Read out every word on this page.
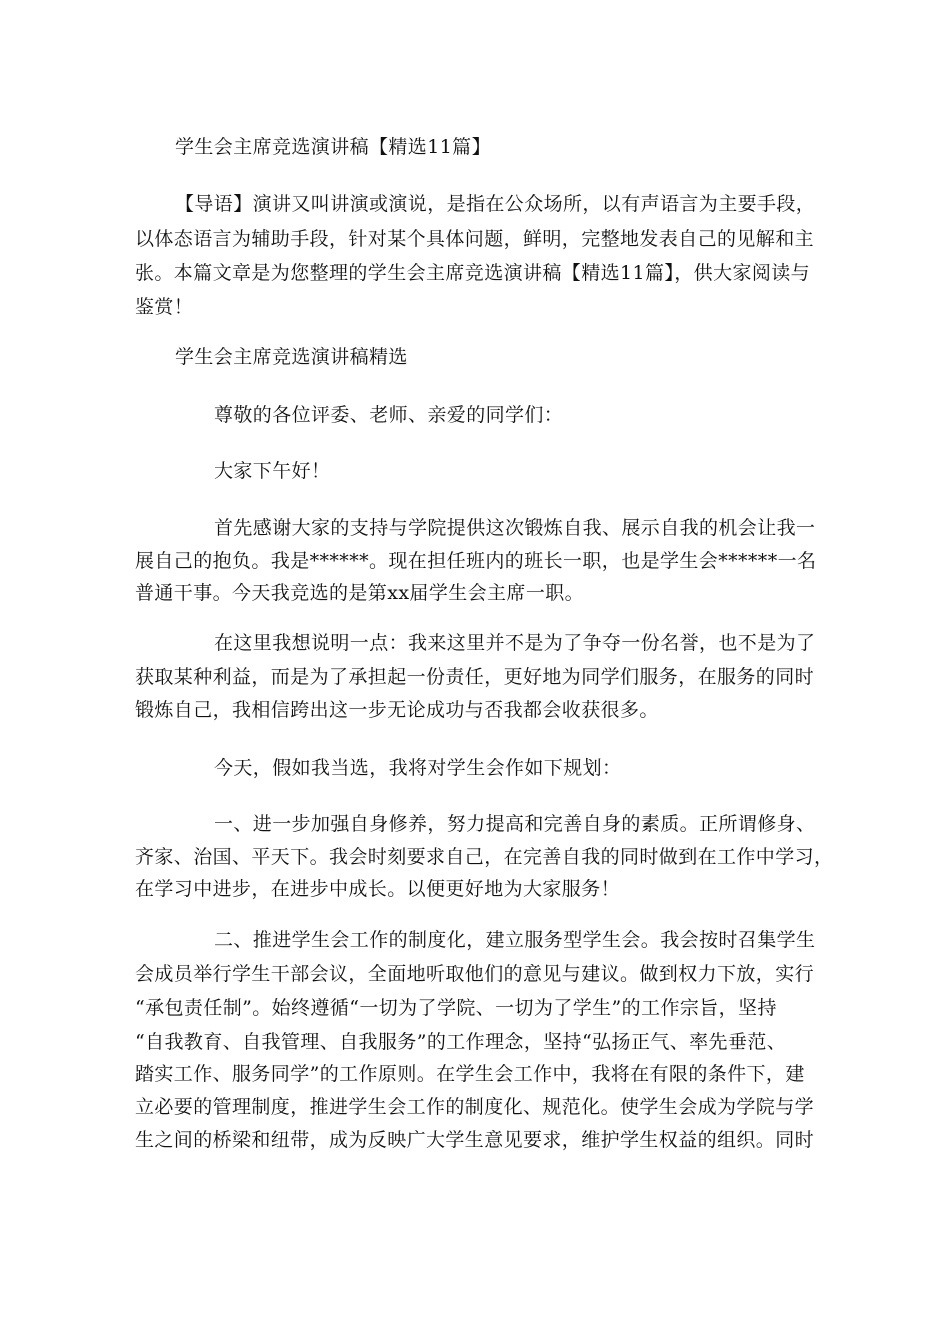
学生会主席竞选演讲稿【精选11篇】
【导语】演讲又叫讲演或演说，是指在公众场所，以有声语言为主要手段，
以体态语言为辅助手段，针对某个具体问题，鲜明，完整地发表自己的见解和主
张。本篇文章是为您整理的学生会主席竞选演讲稿【精选11篇】，供大家阅读与
鉴赏！
学生会主席竞选演讲稿精选
尊敬的各位评委、老师、亲爱的同学们：
大家下午好！
首先感谢大家的支持与学院提供这次锻炼自我、展示自我的机会让我一
展自己的抱负。我是******。现在担任班内的班长一职，也是学生会******一名
普通干事。今天我竞选的是第xx届学生会主席一职。
在这里我想说明一点：我来这里并不是为了争夺一份名誉，也不是为了
获取某种利益，而是为了承担起一份责任，更好地为同学们服务，在服务的同时
锻炼自己，我相信跨出这一步无论成功与否我都会收获很多。
今天，假如我当选，我将对学生会作如下规划：
一、进一步加强自身修养，努力提高和完善自身的素质。正所谓修身、
齐家、治国、平天下。我会时刻要求自己，在完善自我的同时做到在工作中学习，
在学习中进步，在进步中成长。以便更好地为大家服务！
二、推进学生会工作的制度化，建立服务型学生会。我会按时召集学生
会成员举行学生干部会议，全面地听取他们的意见与建议。做到权力下放，实行
“承包责任制”。始终遵循“一切为了学院、一切为了学生”的工作宗旨，坚持
“自我教育、自我管理、自我服务”的工作理念，坚持“弘扬正气、率先垂范、
踏实工作、服务同学”的工作原则。在学生会工作中，我将在有限的条件下，建
立必要的管理制度，推进学生会工作的制度化、规范化。使学生会成为学院与学
生之间的桥梁和纽带，成为反映广大学生意见要求，维护学生权益的组织。同时
